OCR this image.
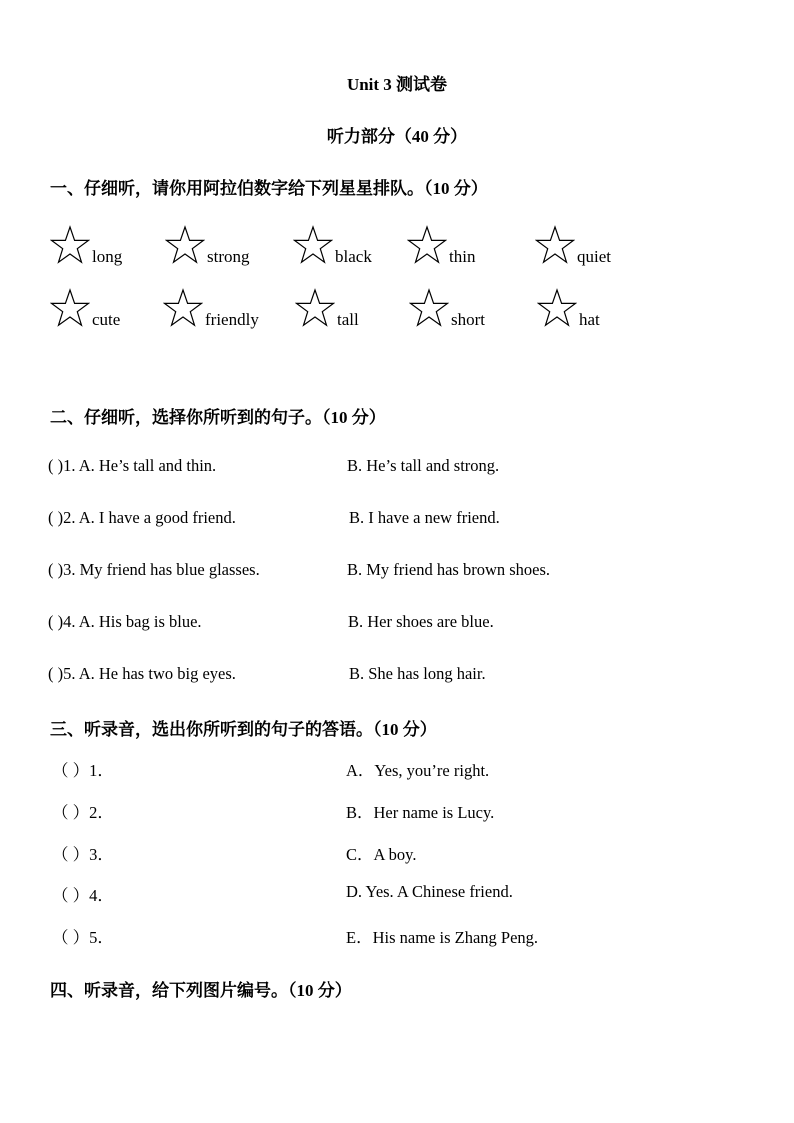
Unit 3 测试卷
听力部分（40 分）
一、仔细听，请你用阿拉伯数字给下列星星排队。（10 分）
long	strong	black	thin	quiet
cute	friendly	tall	short	hat
二、仔细听，选择你所听到的句子。（10 分）
( )1. A. He’s tall and thin.	B. He’s tall and strong.
( )2. A. I have a good friend.	B. I have a new friend.
( )3. My friend has blue glasses.	B. My friend has brown shoes.
( )4. A. His bag is blue.	B. Her shoes are blue.
( )5. A. He has two big eyes.	B. She has long hair.
三、听录音，选出你所听到的句子的答语。（10 分）
（ ）1．	A．Yes, you’re right.
（ ）2．	B．Her name is Lucy.
（ ）3．	C．A boy.
（ ）4．	D. Yes. A Chinese friend.
（ ）5．	E．His name is Zhang Peng.
四、听录音，给下列图片编号。（10 分）
